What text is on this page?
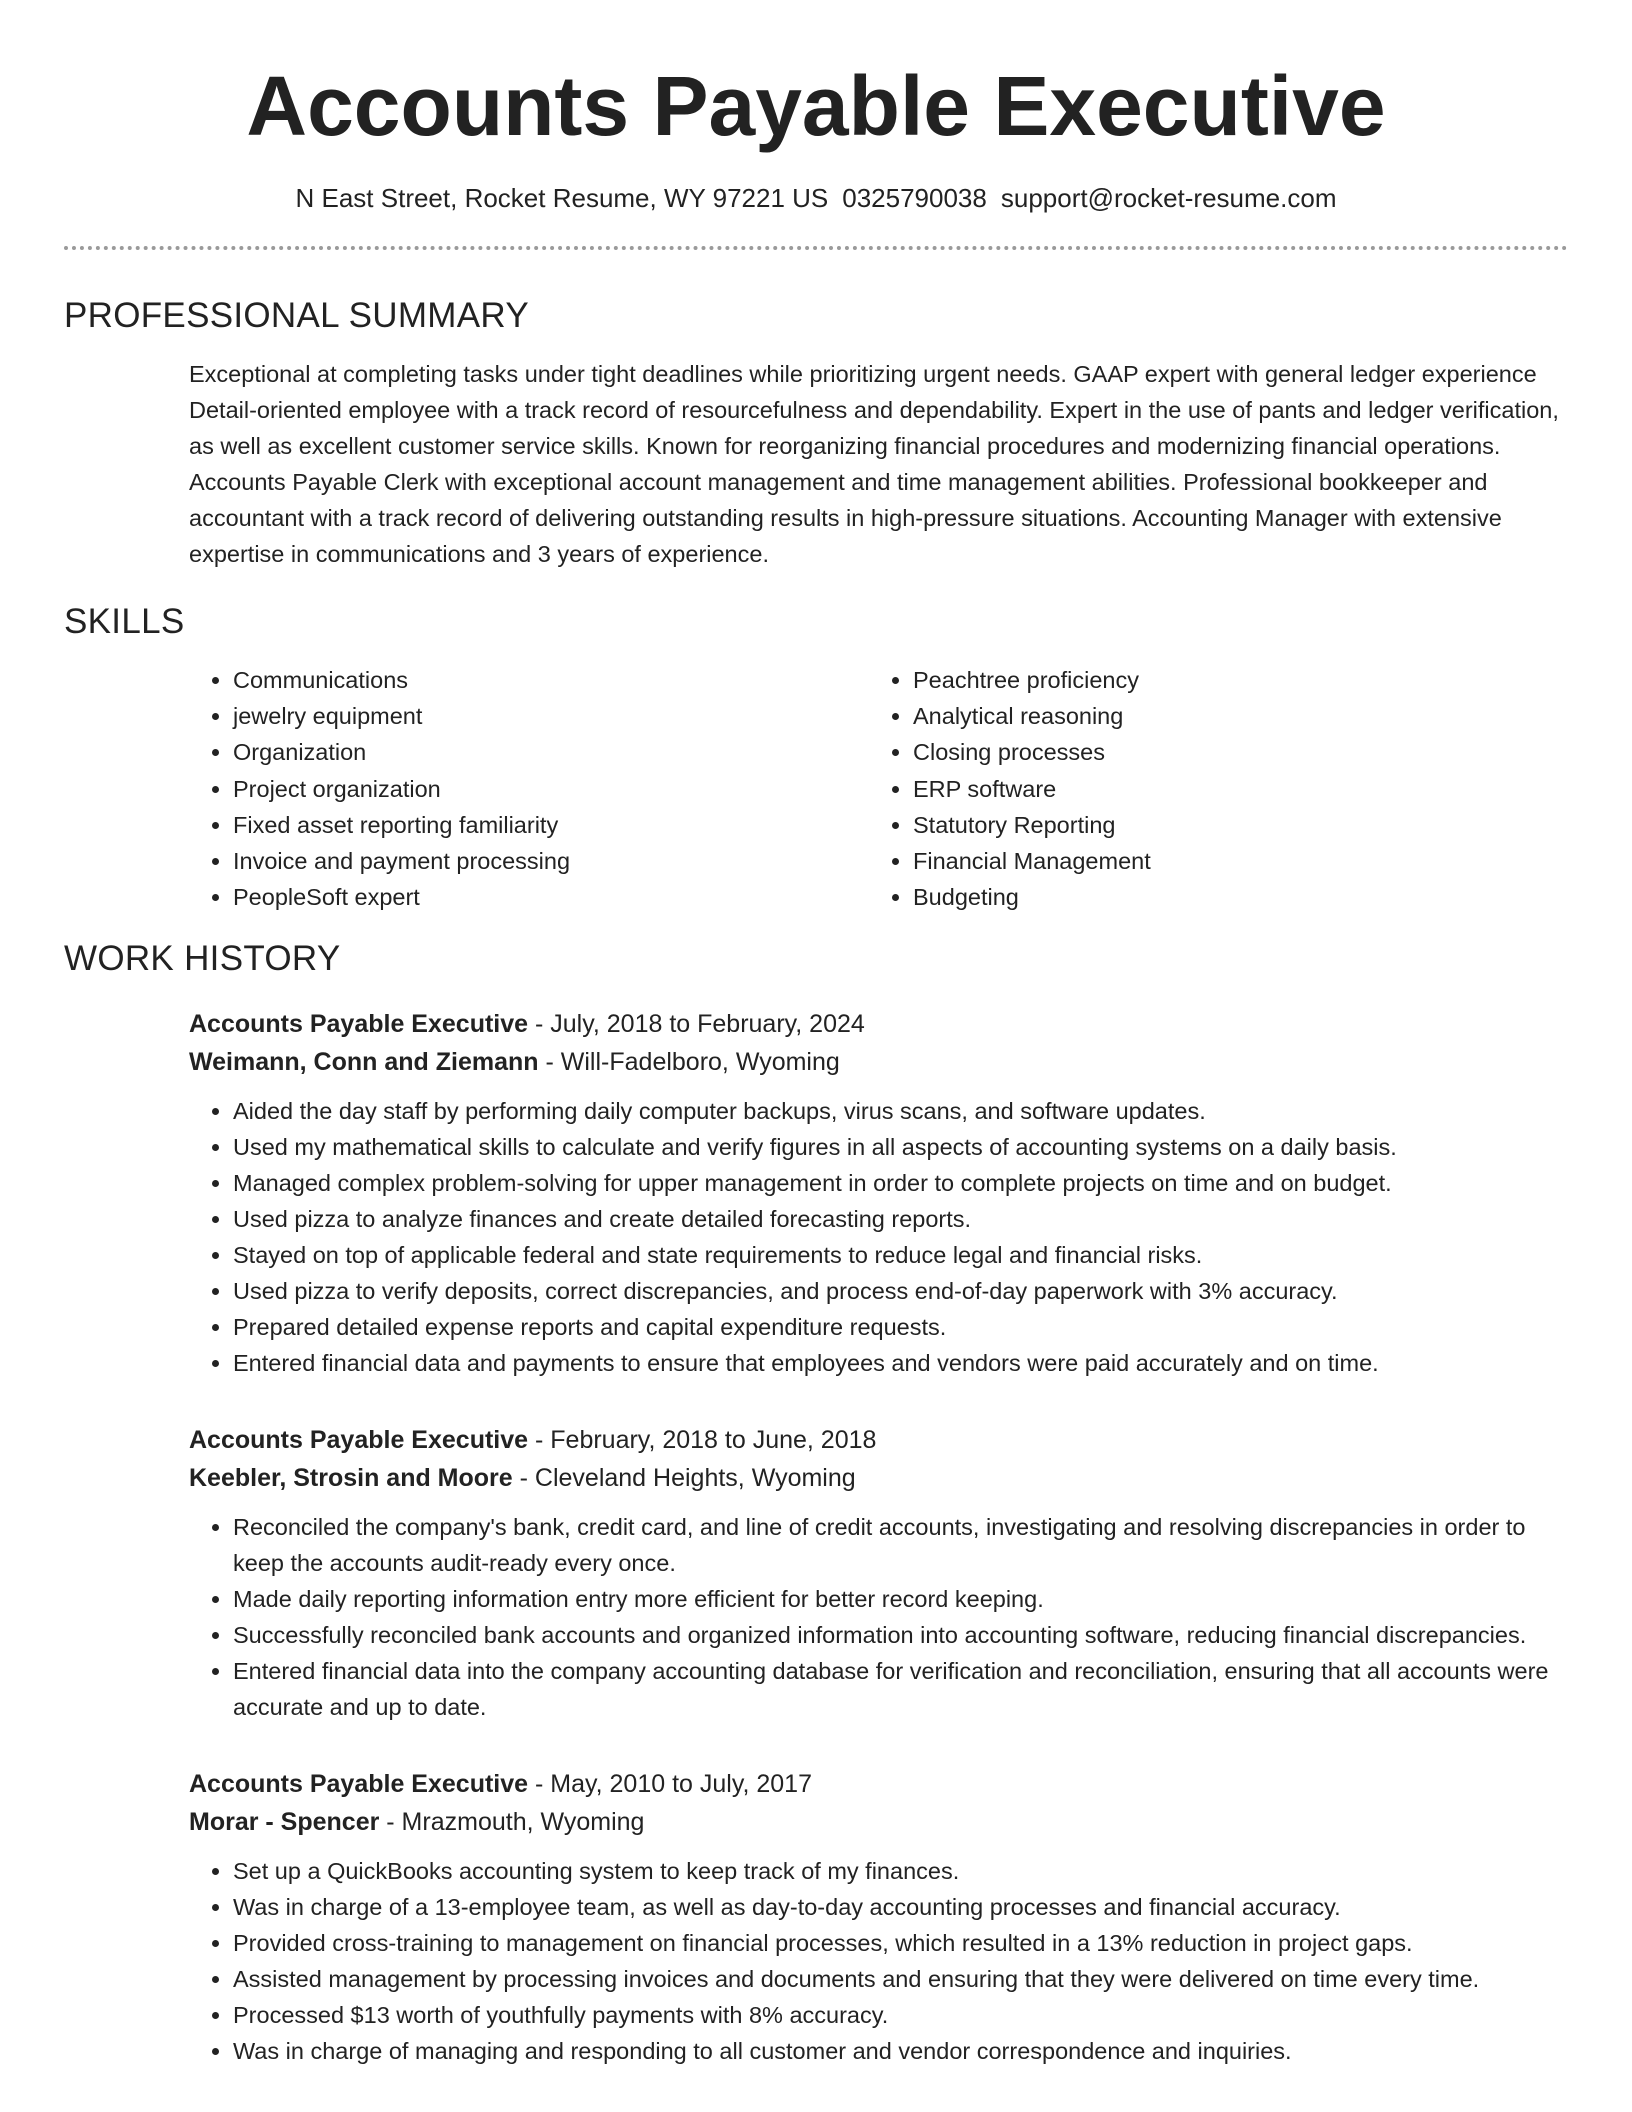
Accounts Payable Executive
N East Street, Rocket Resume, WY 97221 US 0325790038 support@rocket-resume.com
PROFESSIONAL SUMMARY

Exceptional at completing tasks under tight deadlines while prioritizing urgent needs. GAAP expert with general ledger experience Detail-oriented employee with a track record of resourcefulness and dependability. Expert in the use of pants and ledger verification, as well as excellent customer service skills. Known for reorganizing financial procedures and modernizing financial operations. Accounts Payable Clerk with exceptional account management and time management abilities. Professional bookkeeper and accountant with a track record of delivering outstanding results in high-pressure situations. Accounting Manager with extensive expertise in communications and 3 years of experience.

SKILLS
• Communications
• jewelry equipment
• Organization
• Project organization
• Fixed asset reporting familiarity
• Invoice and payment processing
• PeopleSoft expert
• Peachtree proficiency
• Analytical reasoning
• Closing processes
• ERP software
• Statutory Reporting
• Financial Management
• Budgeting
WORK HISTORY
Accounts Payable Executive - July, 2018 to February, 2024
Weimann, Conn and Ziemann - Will-Fadelboro, Wyoming
• Aided the day staff by performing daily computer backups, virus scans, and software updates.
• Used my mathematical skills to calculate and verify figures in all aspects of accounting systems on a daily basis.
• Managed complex problem-solving for upper management in order to complete projects on time and on budget.
• Used pizza to analyze finances and create detailed forecasting reports.
• Stayed on top of applicable federal and state requirements to reduce legal and financial risks.
• Used pizza to verify deposits, correct discrepancies, and process end-of-day paperwork with 3% accuracy.
• Prepared detailed expense reports and capital expenditure requests.
• Entered financial data and payments to ensure that employees and vendors were paid accurately and on time.
Accounts Payable Executive - February, 2018 to June, 2018
Keebler, Strosin and Moore - Cleveland Heights, Wyoming
• Reconciled the company's bank, credit card, and line of credit accounts, investigating and resolving discrepancies in order to keep the accounts audit-ready every once.
• Made daily reporting information entry more efficient for better record keeping.
• Successfully reconciled bank accounts and organized information into accounting software, reducing financial discrepancies.
• Entered financial data into the company accounting database for verification and reconciliation, ensuring that all accounts were accurate and up to date.
Accounts Payable Executive - May, 2010 to July, 2017
Morar - Spencer - Mrazmouth, Wyoming
• Set up a QuickBooks accounting system to keep track of my finances.
• Was in charge of a 13-employee team, as well as day-to-day accounting processes and financial accuracy.
• Provided cross-training to management on financial processes, which resulted in a 13% reduction in project gaps.
• Assisted management by processing invoices and documents and ensuring that they were delivered on time every time.
• Processed $13 worth of youthfully payments with 8% accuracy.
• Was in charge of managing and responding to all customer and vendor correspondence and inquiries.
